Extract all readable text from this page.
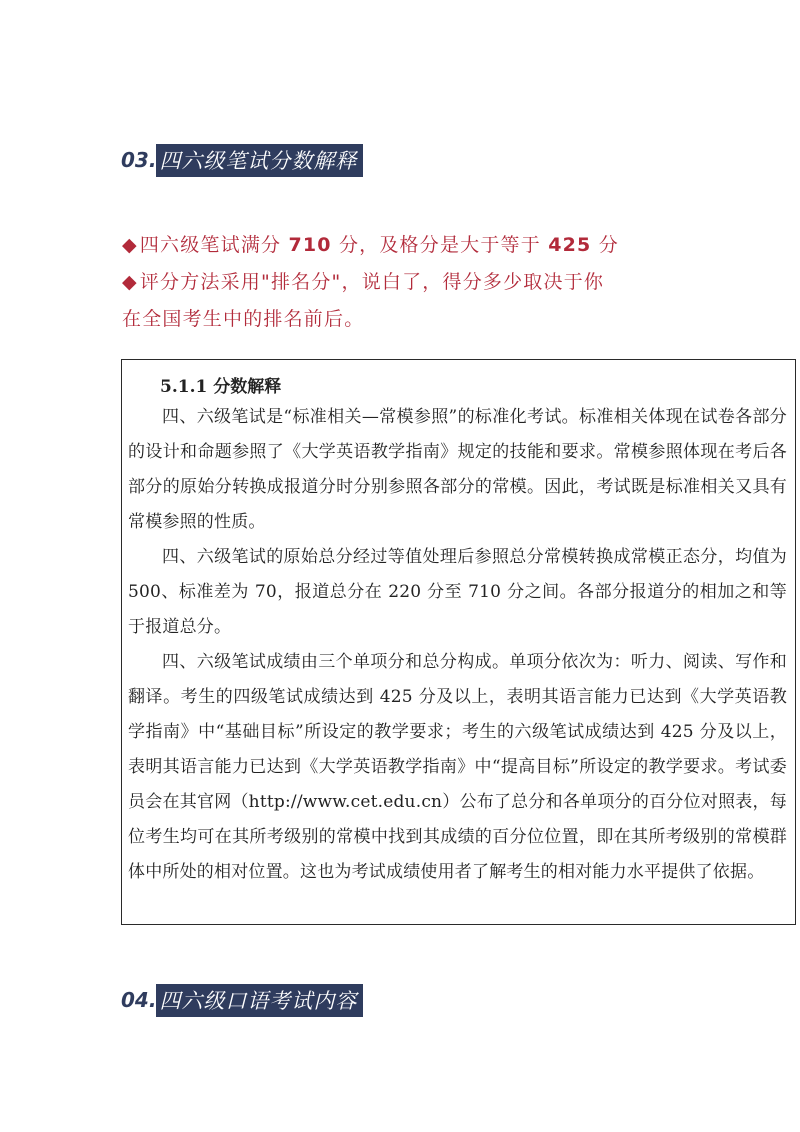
03. 四六级笔试分数解释
◆ 四六级笔试满分 710 分，及格分是大于等于 425 分
◆ 评分方法采用"排名分"，说白了，得分多少取决于你
在全国考生中的排名前后。
5.1.1 分数解释
四、六级笔试是“标准相关—常模参照”的标准化考试。标准相关体现在试卷各部分的设计和命题参照了《大学英语教学指南》规定的技能和要求。常模参照体现在考后各部分的原始分转换成报道分时分别参照各部分的常模。因此，考试既是标准相关又具有常模参照的性质。
四、六级笔试的原始总分经过等值处理后参照总分常模转换成常模正态分，均值为 500、标准差为 70，报道总分在 220 分至 710 分之间。各部分报道分的相加之和等于报道总分。
四、六级笔试成绩由三个单项分和总分构成。单项分依次为：听力、阅读、写作和翻译。考生的四级笔试成绩达到 425 分及以上，表明其语言能力已达到《大学英语教学指南》中“基础目标”所设定的教学要求；考生的六级笔试成绩达到 425 分及以上，表明其语言能力已达到《大学英语教学指南》中“提高目标”所设定的教学要求。考试委员会在其官网（http://www.cet.edu.cn）公布了总分和各单项分的百分位对照表，每位考生均可在其所考级别的常模中找到其成绩的百分位位置，即在其所考级别的常模群体中所处的相对位置。这也为考试成绩使用者了解考生的相对能力水平提供了依据。
04. 四六级口语考试内容
